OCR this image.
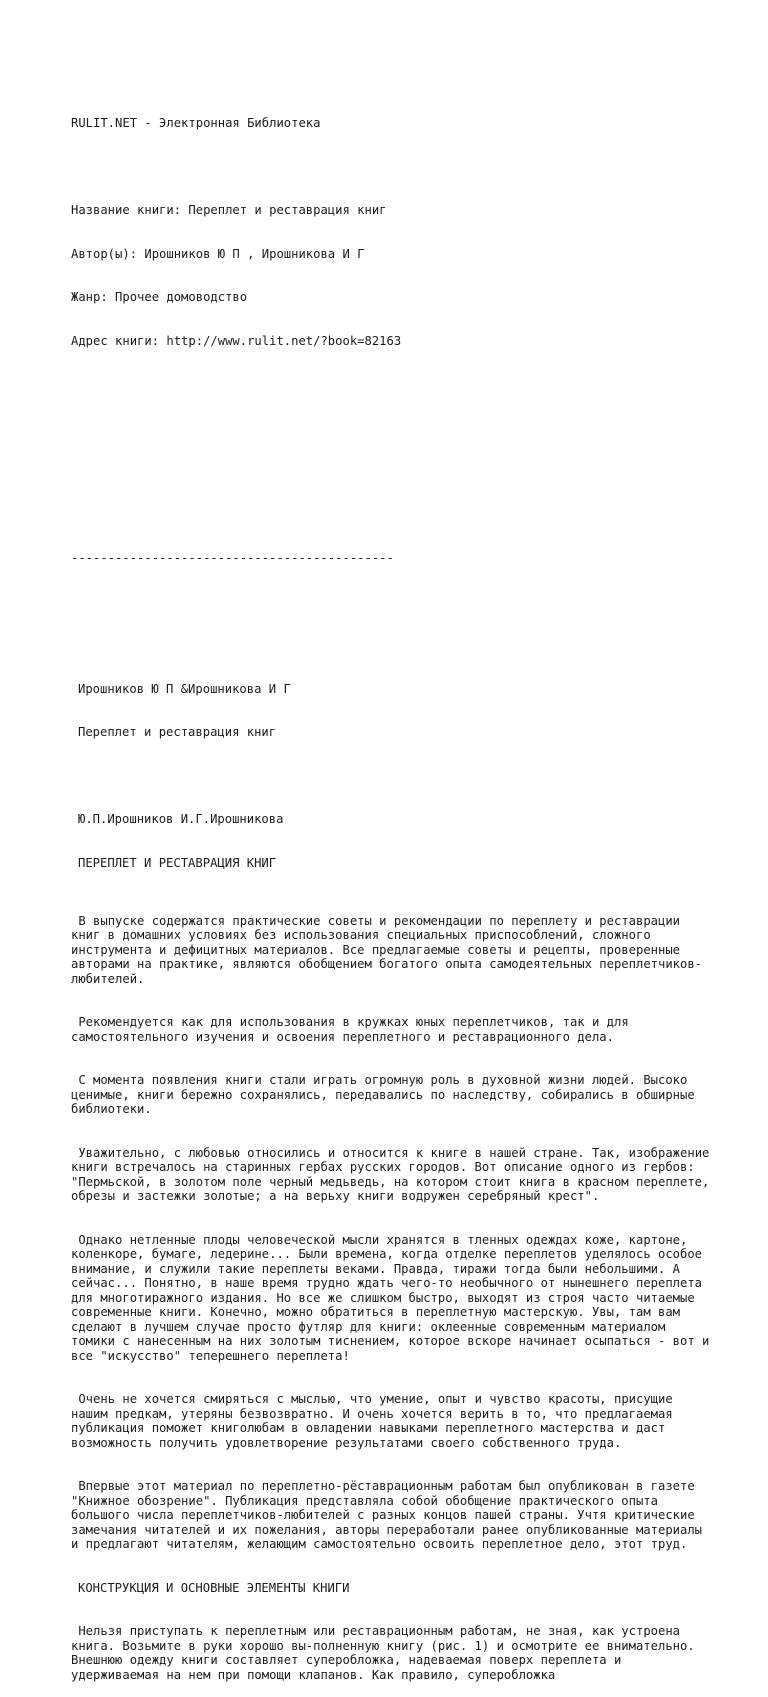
RULIT.NET - Электронная Библиотека

Название книги: Переплет и реставрация книг

Автор(ы): Ирошников Ю П , Ирошникова И Г

Жанр: Прочее домоводство

Адрес книги: http://www.rulit.net/?book=82163

--------------------------------------------

Ирошников Ю П &Ирошникова И Г

Переплет и реставрация книг

Ю.П.Ирошников И.Г.Ирошникова

ПЕРЕПЛЕТ И РЕСТАВРАЦИЯ КНИГ

В выпуске содержатся практические советы и рекомендации по переплету и реставрации книг в домашних условиях без использования специальных приспособлений, сложного инструмента и дефицитных материалов. Все предлагаемые советы и рецепты, проверенные авторами на практике, являются обобщением богатого опыта самодеятельных переплетчиков-любителей.

Рекомендуется как для использования в кружках юных переплетчиков, так и для самостоятельного изучения и освоения переплетного и реставрационного дела.

С момента появления книги стали играть огромную роль в духовной жизни людей. Высоко ценимые, книги бережно сохранялись, передавались по наследству, собирались в обширные библиотеки.

Уважительно, с любовью относились и относится к книге в нашей стране. Так, изображение книги встречалось на старинных гербах русских городов. Вот описание одного из гербов: "Пермьской, в золотом поле черный медьведь, на котором стоит книга в красном переплете, обрезы и застежки золотые; а на верьху книги водружен серебряный крест".

Однако нетленные плоды человеческой мысли хранятся в тленных одеждах коже, картоне, коленкоре, бумаге, ледерине... Были времена, когда отделке переплетов уделялось особое внимание, и служили такие переплеты веками. Правда, тиражи тогда были небольшими. А сейчас... Понятно, в наше время трудно ждать чего-то необычного от нынешнего переплета для многотиражного издания. Но все же слишком быстро, выходят из строя часто читаемые современные книги. Конечно, можно обратиться в переплетную мастерскую. Увы, там вам сделают в лучшем случае просто футляр для книги: оклеенные современным материалом томики с нанесенным на них золотым тиснением, которое вскоре начинает осыпаться - вот и все "искусство" теперешнего переплета!

Очень не хочется смиряться с мыслью, что умение, опыт и чувство красоты, присущие нашим предкам, утеряны безвозвратно. И очень хочется верить в то, что предлагаемая публикация поможет книголюбам в овладении навыками переплетного мастерства и даст возможность получить удовлетворение результатами своего собственного труда.

Впервые этот материал по переплетно-рëставрационным работам был опубликован в газете "Книжное обозрение". Публикация представляла собой обобщение практического опыта большого числа переплетчиков-любителей с разных концов пашей страны. Учтя критические замечания читателей и их пожелания, авторы переработали ранее опубликованные материалы и предлагают читателям, желающим самостоятельно освоить переплетное дело, этот труд.

КОНСТРУКЦИЯ И ОСНОВНЫЕ ЭЛЕМЕНТЫ КНИГИ

Нельзя приступать к переплетным или реставрационным работам, не зная, как устроена книга. Возьмите в руки хорошо вы-полненную книгу (рис. 1) и осмотрите ее внимательно. Внешнюю одежду книги составляет суперобложка, надеваемая поверх переплета и удерживаемая на нем при помощи клапанов. Как правило, суперобложка
